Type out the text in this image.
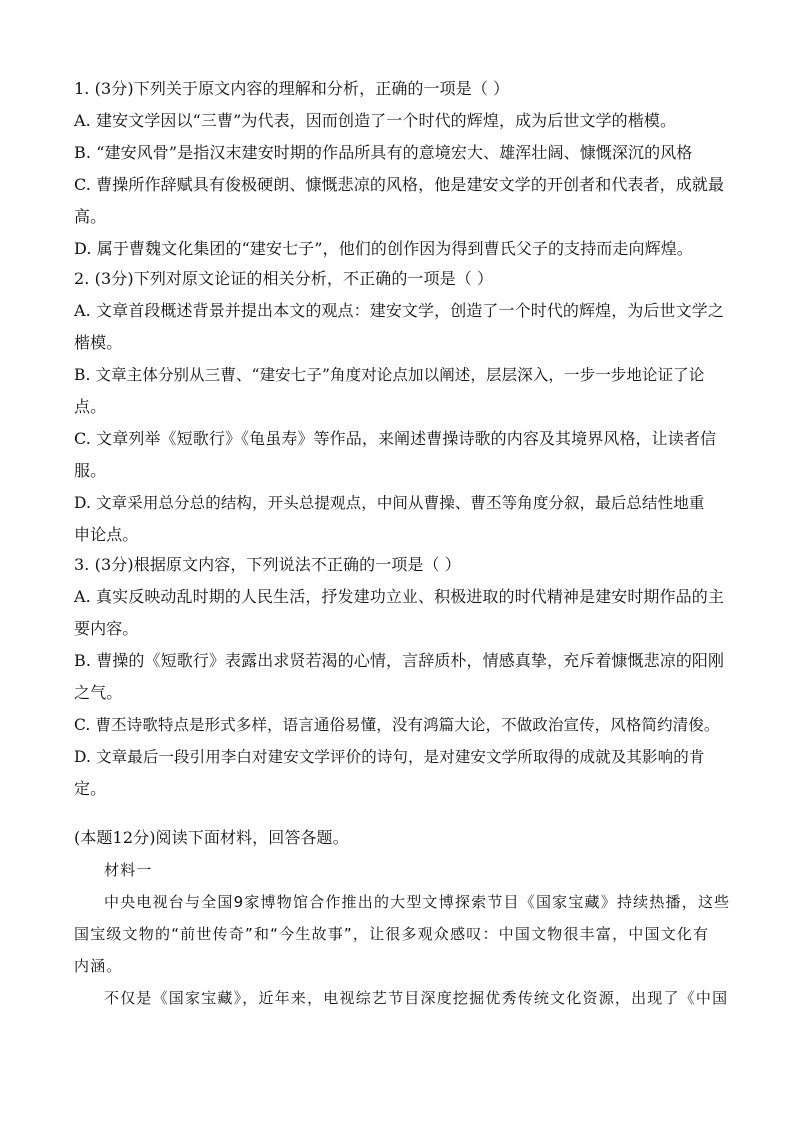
1. (3分)下列关于原文内容的理解和分析，正确的一项是（ ）
A. 建安文学因以“三曹”为代表，因而创造了一个时代的辉煌，成为后世文学的楷模。
B. “建安风骨”是指汉末建安时期的作品所具有的意境宏大、雄浑壮阔、慷慨深沉的风格
C. 曹操所作辞赋具有俊极硬朗、慷慨悲凉的风格，他是建安文学的开创者和代表者，成就最
高。
D. 属于曹魏文化集团的“建安七子”，他们的创作因为得到曹氏父子的支持而走向辉煌。
2. (3分)下列对原文论证的相关分析，不正确的一项是（ ）
A. 文章首段概述背景并提出本文的观点：建安文学，创造了一个时代的辉煌，为后世文学之
楷模。
B. 文章主体分别从三曹、“建安七子”角度对论点加以阐述，层层深入，一步一步地论证了论
点。
C. 文章列举《短歌行》《龟虽寿》等作品，来阐述曹操诗歌的内容及其境界风格，让读者信
服。
D. 文章采用总分总的结构，开头总提观点，中间从曹操、曹丕等角度分叙，最后总结性地重
申论点。
3. (3分)根据原文内容，下列说法不正确的一项是（ ）
A. 真实反映动乱时期的人民生活，抒发建功立业、积极进取的时代精神是建安时期作品的主
要内容。
B. 曹操的《短歌行》表露出求贤若渴的心情，言辞质朴，情感真挚，充斥着慷慨悲凉的阳刚
之气。
C. 曹丕诗歌特点是形式多样，语言通俗易懂，没有鸿篇大论，不做政治宣传，风格简约清俊。
D. 文章最后一段引用李白对建安文学评价的诗句，是对建安文学所取得的成就及其影响的肯
定。
(本题12分)阅读下面材料，回答各题。
材料一
中央电视台与全国9家博物馆合作推出的大型文博探索节目《国家宝藏》持续热播，这些
国宝级文物的“前世传奇”和“今生故事”，让很多观众感叹：中国文物很丰富，中国文化有
内涵。
不仅是《国家宝藏》，近年来，电视综艺节目深度挖掘优秀传统文化资源，出现了《中国
